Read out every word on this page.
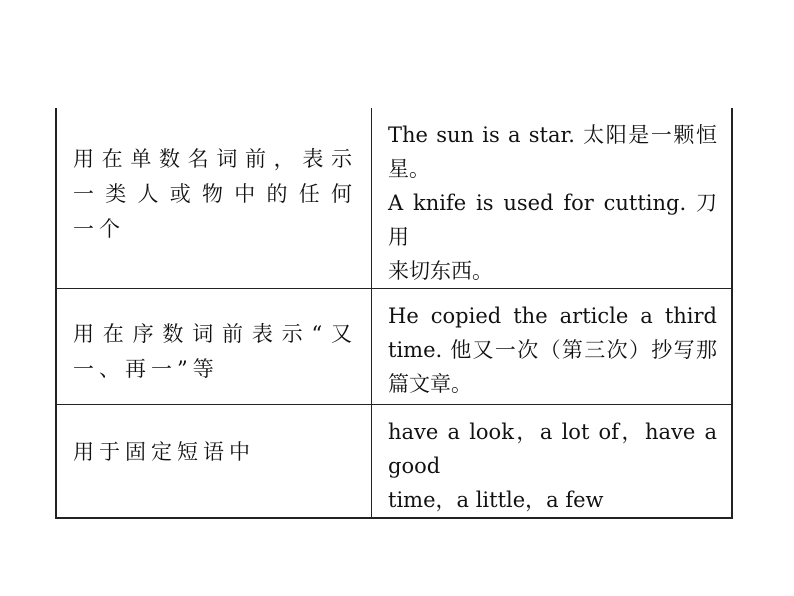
用在单数名词前，表示
一类人或物中的任何
一个	The sun is a star. 太阳是一颗恒
星。
A knife is used for cutting. 刀用
来切东西。

用在序数词前表示“又
一、再一”等	He copied the article a third
time. 他又一次（第三次）抄写那
篇文章。

用于固定短语中	have a look，a lot of，have a good
time，a little，a few
